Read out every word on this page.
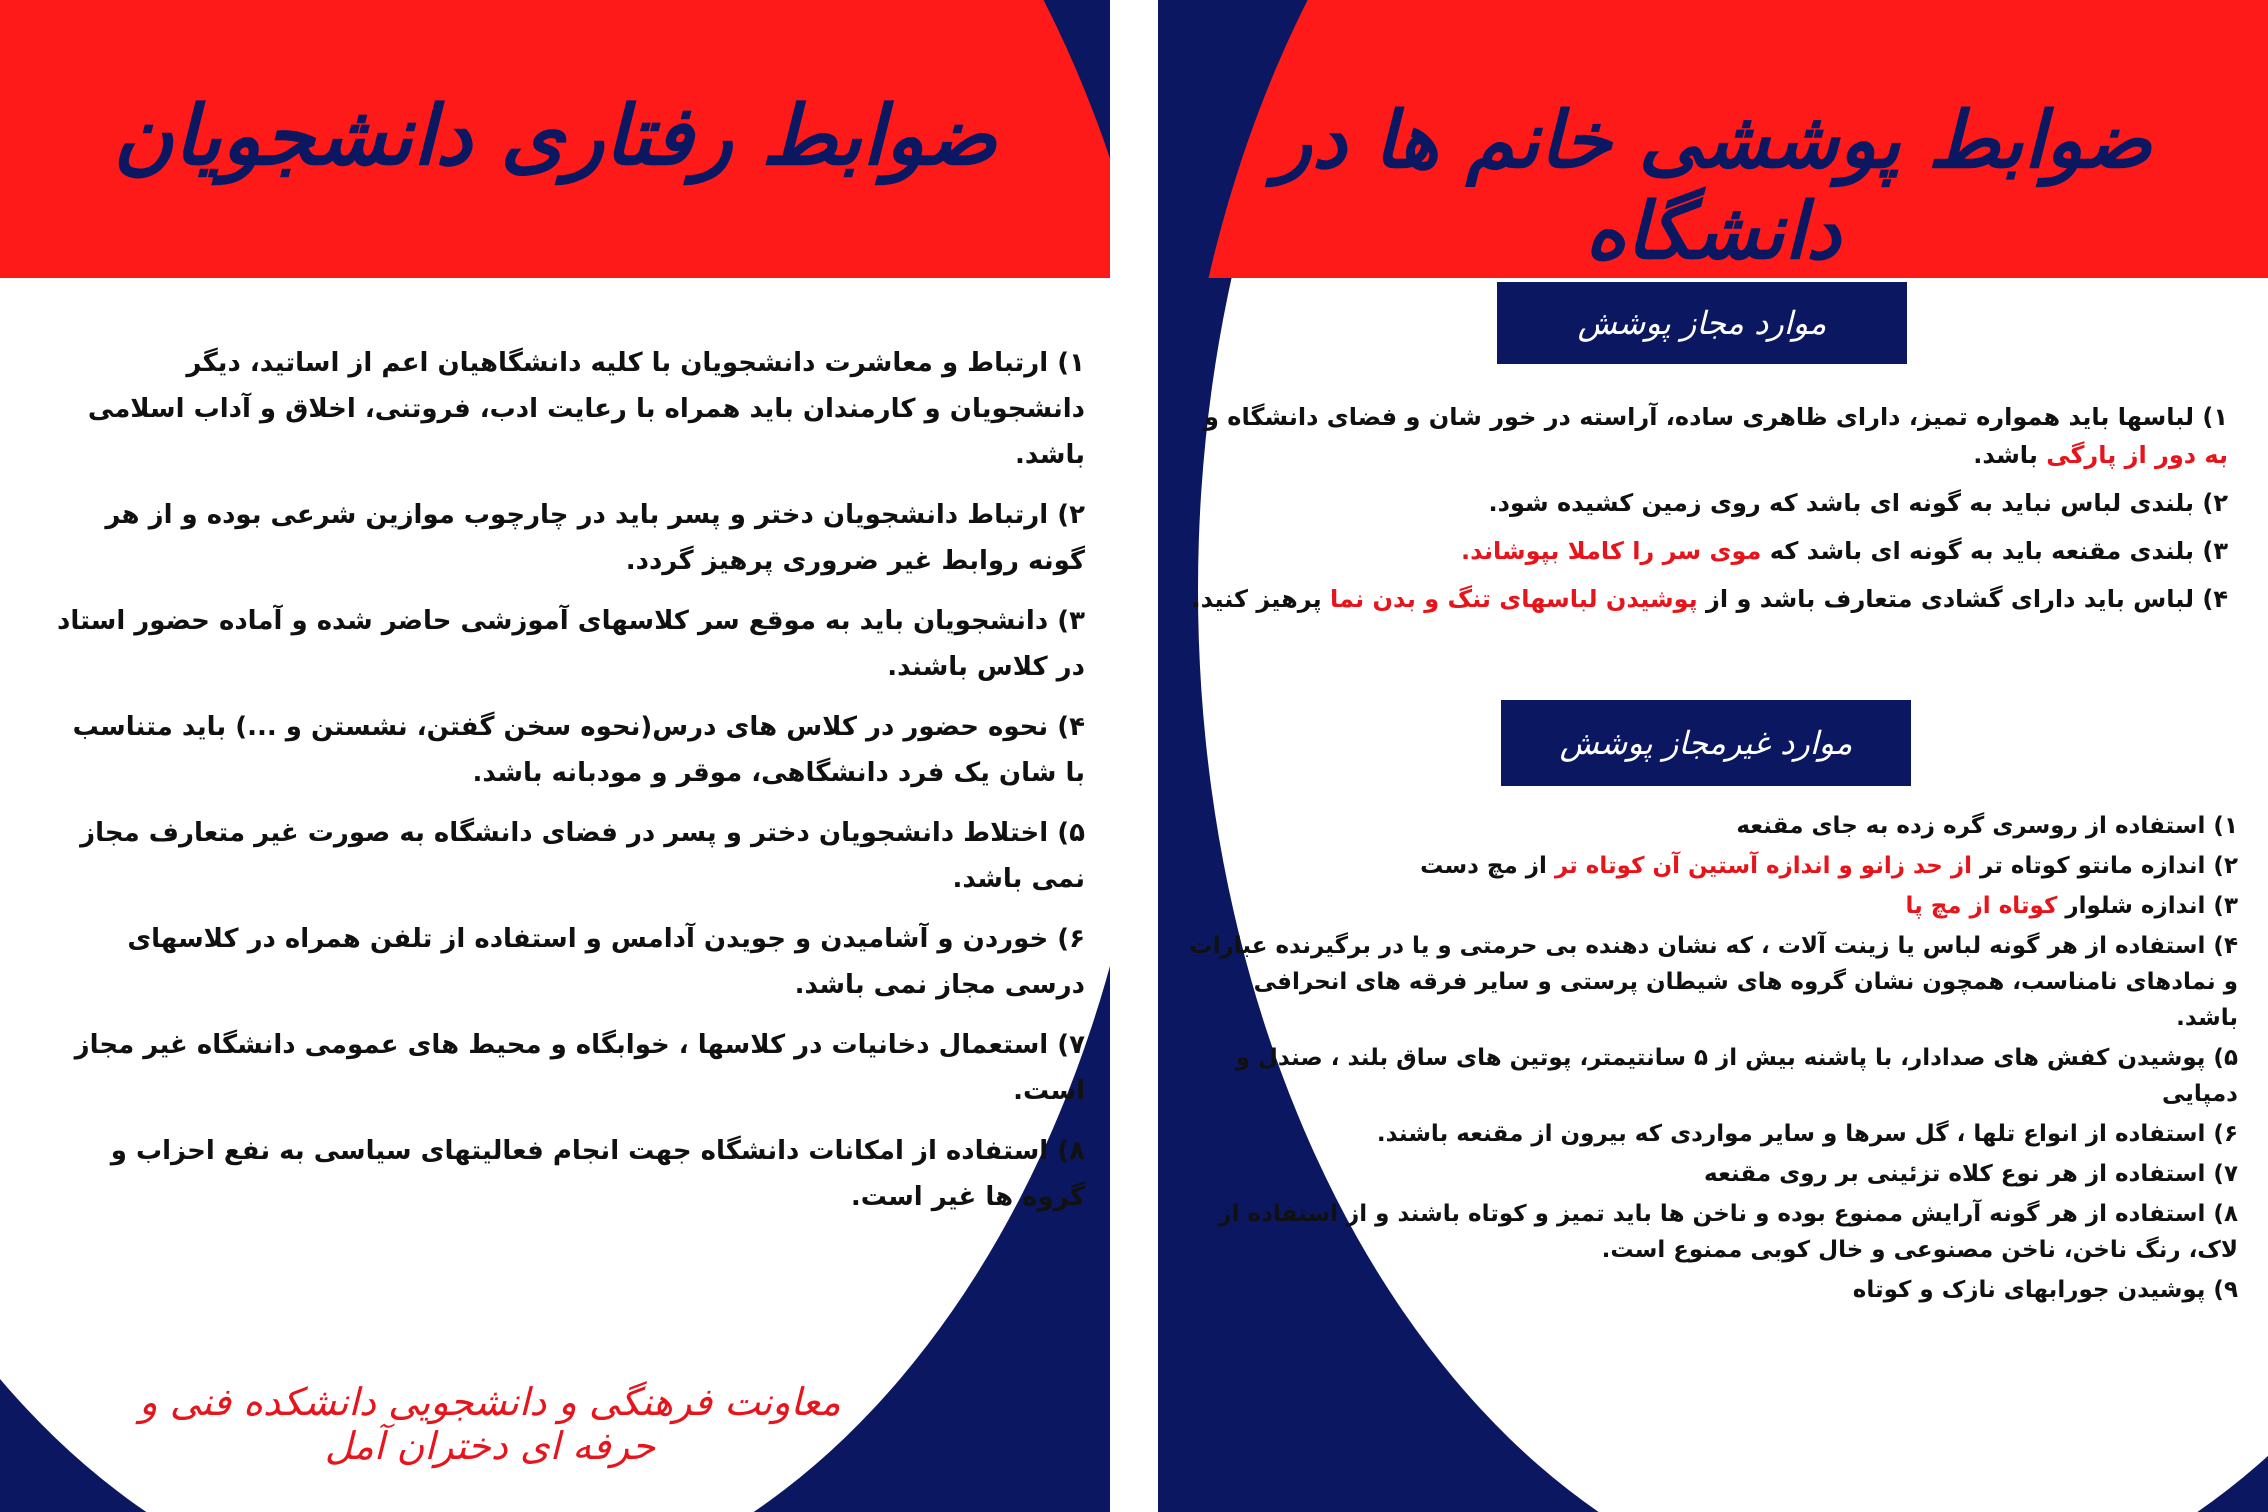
ضوابط پوششی خانم ها در دانشگاه
موارد مجاز پوشش
۱) لباسها باید همواره تمیز، دارای ظاهری ساده، آراسته در خور شان و فضای دانشگاه و به دور از پارگی باشد.
۲) بلندی لباس نباید به گونه ای باشد که روی زمین کشیده شود.
۳) بلندی مقنعه باید به گونه ای باشد که موی سر را کاملا بپوشاند.
۴) لباس باید دارای گشادی متعارف باشد و از پوشیدن لباسهای تنگ و بدن نما پرهیز کنید.
موارد غیرمجاز پوشش
۱) استفاده از روسری گره زده به جای مقنعه
۲) اندازه مانتو کوتاه تر از حد زانو و اندازه آستین آن کوتاه تر از مچ دست
۳) اندازه شلوار کوتاه از مچ پا
۴) استفاده از هر گونه لباس یا زینت آلات ، که نشان دهنده بی حرمتی و یا در برگیرنده عبارات و نمادهای نامناسب، همچون نشان گروه های شیطان پرستی و سایر فرقه های انحرافی باشد.
۵) پوشیدن کفش های صدادار، با پاشنه بیش از ۵ سانتیمتر، پوتین های ساق بلند ، صندل و دمپایی
۶) استفاده از انواع تلها ، گل سرها و سایر مواردی که بیرون از مقنعه باشند.
۷) استفاده از هر نوع کلاه تزئینی بر روی مقنعه
۸) استفاده از هر گونه آرایش ممنوع بوده و ناخن ها باید تمیز و کوتاه باشند و از استفاده از لاک، رنگ ناخن، ناخن مصنوعی و خال کوبی ممنوع است.
۹) پوشیدن جورابهای نازک و کوتاه
ضوابط رفتاری دانشجویان
۱) ارتباط و معاشرت دانشجویان با کلیه دانشگاهیان اعم از اساتید، دیگر دانشجویان و کارمندان باید همراه با رعایت ادب، فروتنی، اخلاق و آداب اسلامی باشد.
۲) ارتباط دانشجویان دختر و پسر باید در چارچوب موازین شرعی بوده و از هر گونه روابط غیر ضروری پرهیز گردد.
۳) دانشجویان باید به موقع سر کلاسهای آموزشی حاضر شده و آماده حضور استاد در کلاس باشند.
۴) نحوه حضور در کلاس های درس(نحوه سخن گفتن، نشستن و ...) باید متناسب با شان یک فرد دانشگاهی، موقر و مودبانه باشد.
۵) اختلاط دانشجویان دختر و پسر در فضای دانشگاه به صورت غیر متعارف مجاز نمی باشد.
۶) خوردن و آشامیدن و جویدن آدامس و استفاده از تلفن همراه در کلاسهای درسی مجاز نمی باشد.
۷) استعمال دخانیات در کلاسها ، خوابگاه و محیط های عمومی دانشگاه غیر مجاز است.
۸) استفاده از امکانات دانشگاه جهت انجام فعالیتهای سیاسی به نفع احزاب و گروه ها غیر است.
معاونت فرهنگی و دانشجویی دانشکده فنی و حرفه ای دختران آمل
